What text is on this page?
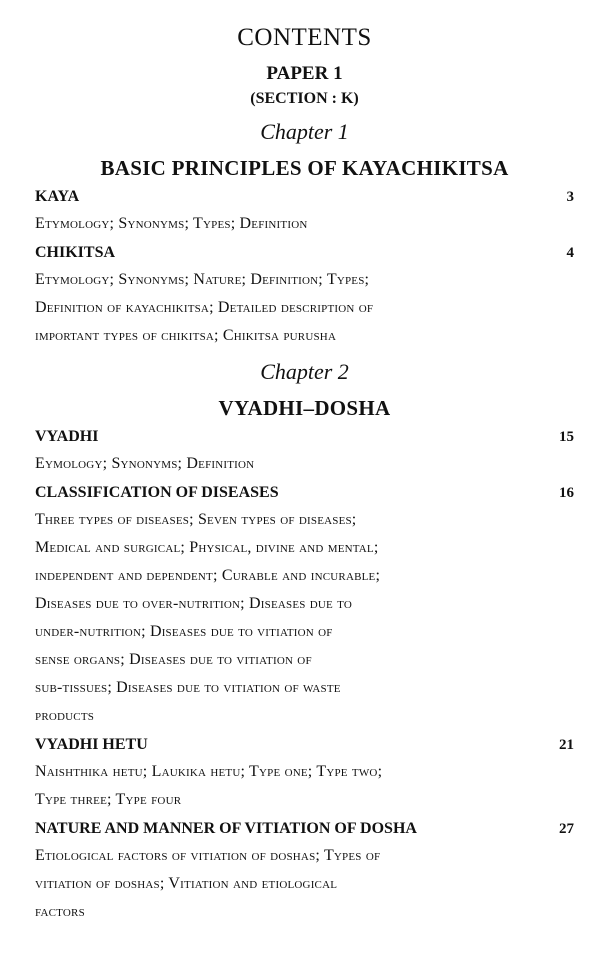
CONTENTS
PAPER 1
(SECTION : K)
Chapter 1
BASIC PRINCIPLES OF KAYACHIKITSA
KAYA	3
Etymology; Synonyms; Types; Definition
CHIKITSA	4
Etymology; Synonyms; Nature; Definition; Types;
Definition of kayachikitsa; Detailed description of
important types of chikitsa; Chikitsa purusha
Chapter 2
VYADHI–DOSHA
VYADHI	15
Eymology; Synonyms; Definition
CLASSIFICATION OF DISEASES	16
Three types of diseases; Seven types of diseases;
Medical and surgical; Physical, divine and mental;
independent and dependent; Curable and incurable;
Diseases due to over-nutrition; Diseases due to
under-nutrition; Diseases due to vitiation of
sense organs; Diseases due to vitiation of
sub-tissues; Diseases due to vitiation of waste
products
VYADHI HETU	21
Naishthika hetu; Laukika hetu; Type one; Type two;
Type three; Type four
NATURE AND MANNER OF VITIATION OF DOSHA	27
Etiological factors of vitiation of doshas; Types of
vitiation of doshas; Vitiation and etiological
factors
